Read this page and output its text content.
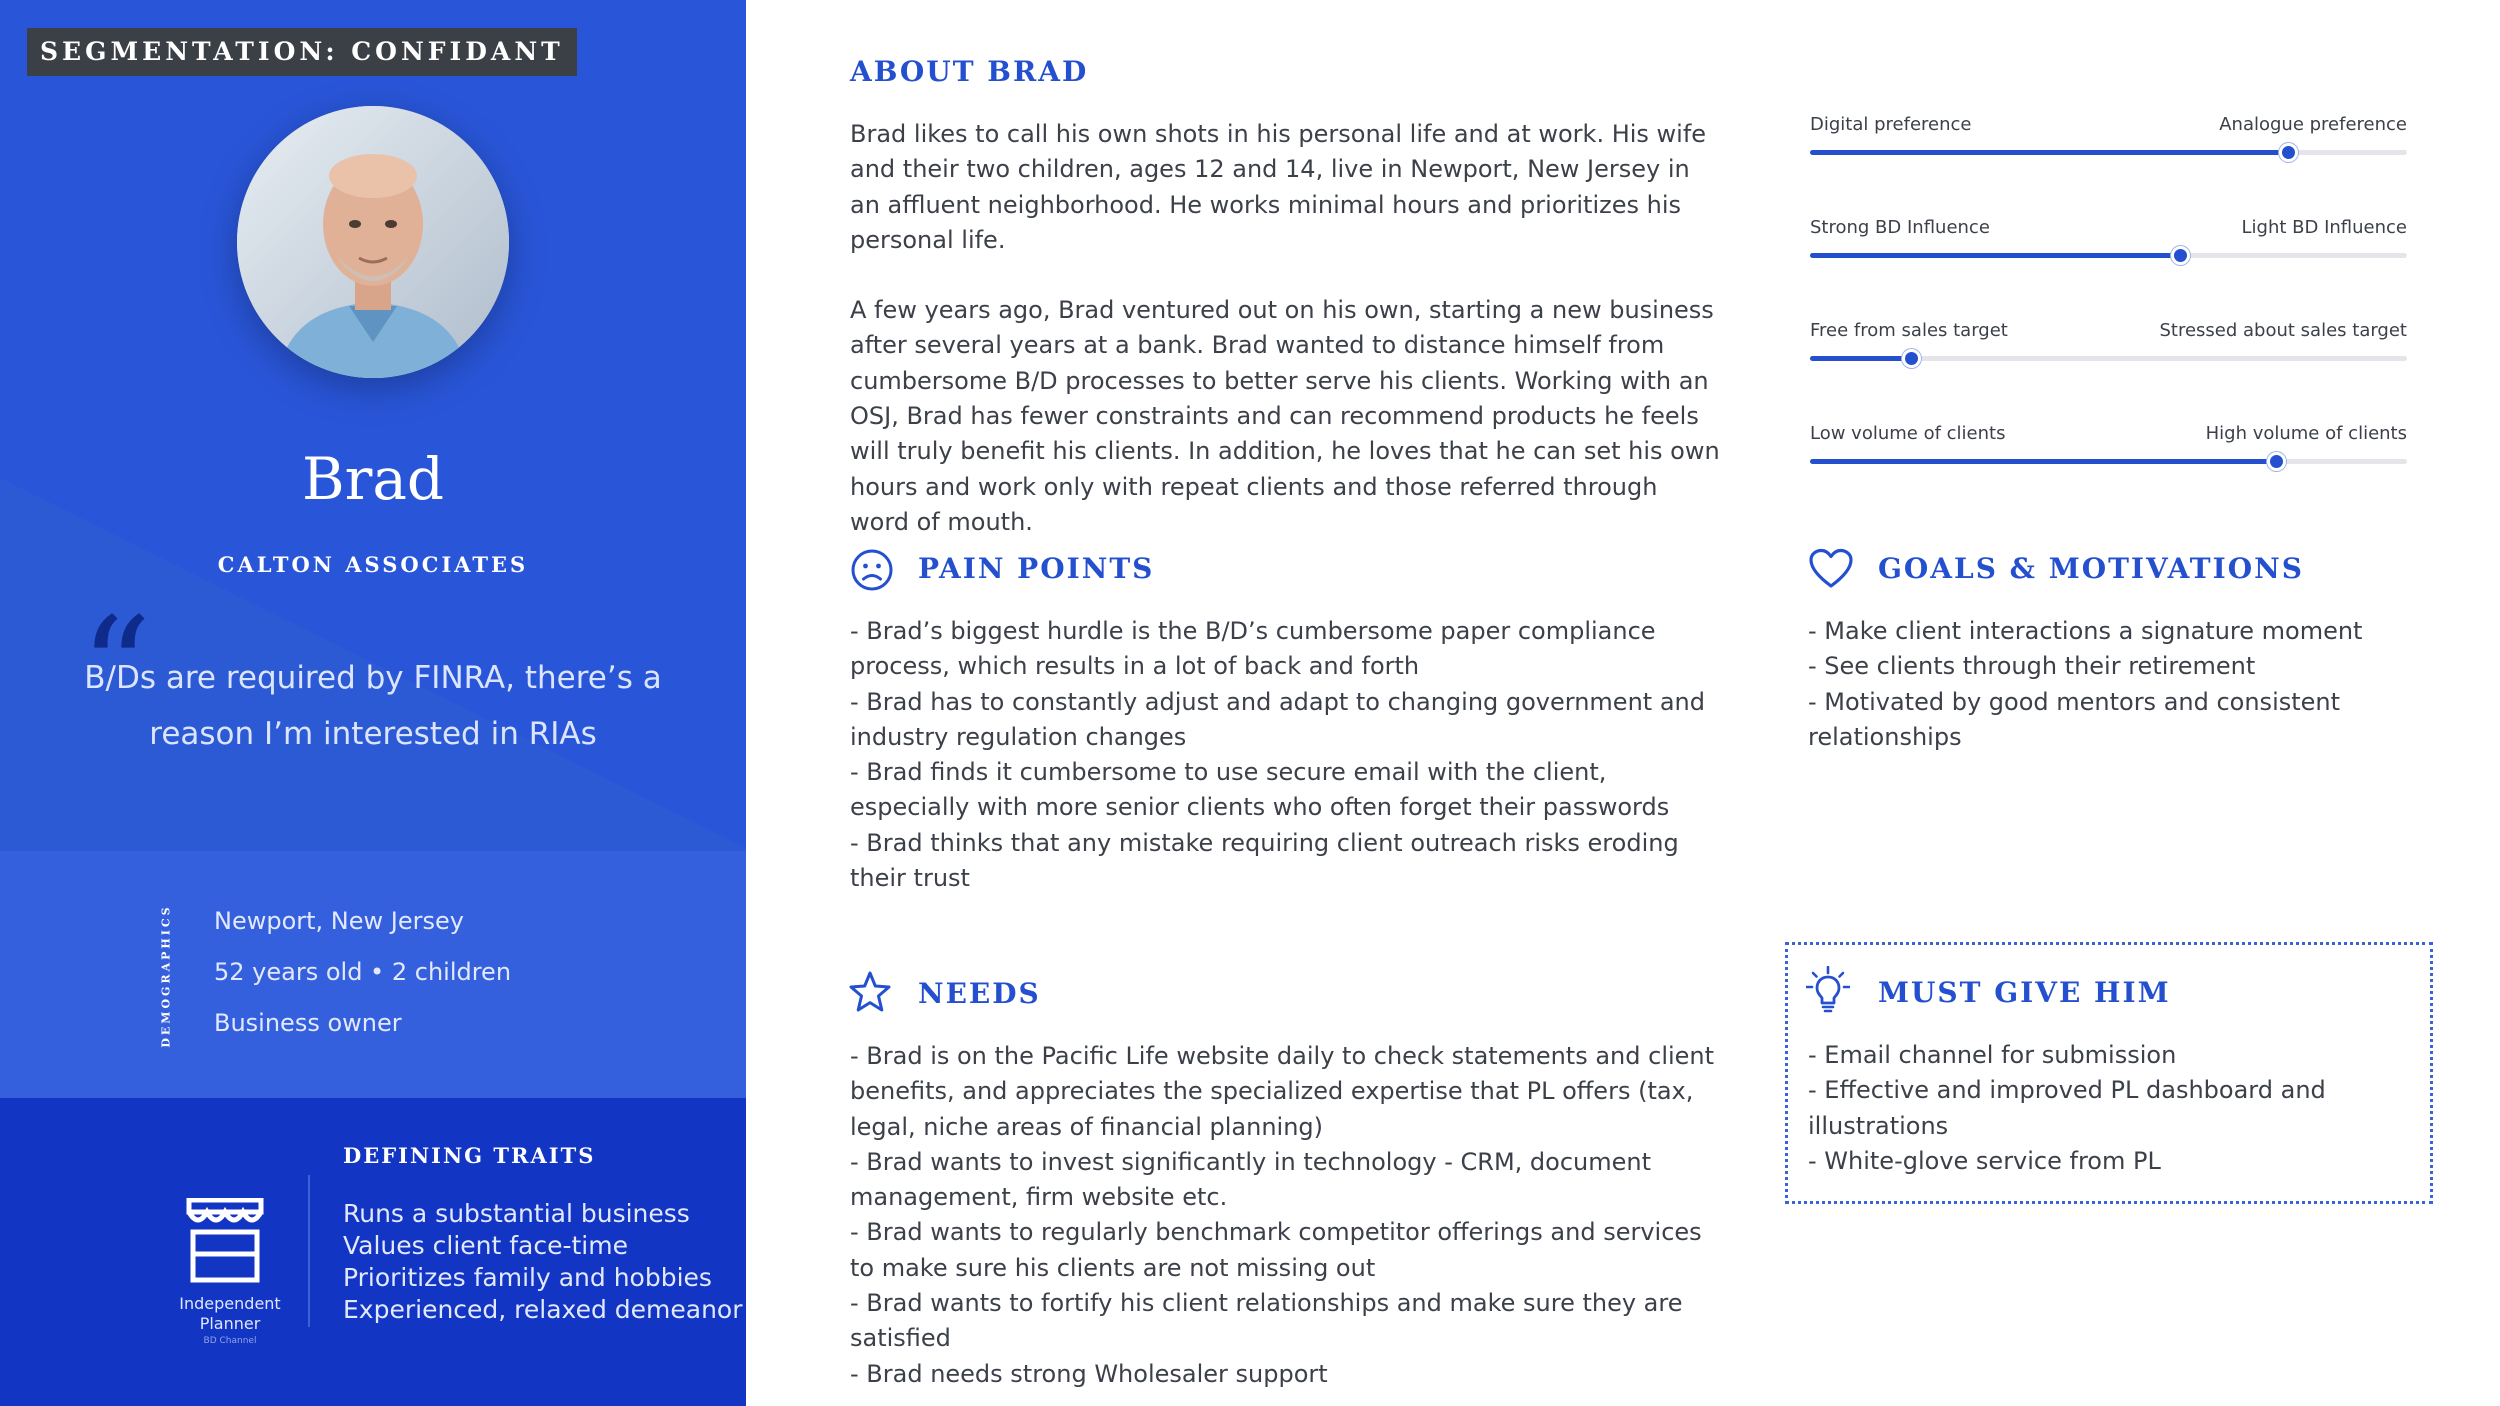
SEGMENTATION: CONFIDANT
Brad
CALTON ASSOCIATES
“
B/Ds are required by FINRA, there’s a reason I’m interested in RIAs
DEMOGRAPHICS Newport, New Jersey
52 years old • 2 children
Business owner
Independent Planner
BD Channel
DEFINING TRAITS
Runs a substantial business
Values client face-time
Prioritizes family and hobbies
Experienced, relaxed demeanor
ABOUT BRAD

Brad likes to call his own shots in his personal life and at work. His wife and their two children, ages 12 and 14, live in Newport, New Jersey in an affluent neighborhood. He works minimal hours and prioritizes his personal life.

A few years ago, Brad ventured out on his own, starting a new business after several years at a bank. Brad wanted to distance himself from cumbersome B/D processes to better serve his clients. Working with an OSJ, Brad has fewer constraints and can recommend products he feels will truly benefit his clients. In addition, he loves that he can set his own hours and work only with repeat clients and those referred through word of mouth.

Digital preference	Analogue preference
Strong BD Influence	Light BD Influence
Free from sales target	Stressed about sales target
Low volume of clients	High volume of clients
PAIN POINTS
- Brad’s biggest hurdle is the B/D’s cumbersome paper compliance process, which results in a lot of back and forth
- Brad has to constantly adjust and adapt to changing government and industry regulation changes
- Brad finds it cumbersome to use secure email with the client, especially with more senior clients who often forget their passwords
- Brad thinks that any mistake requiring client outreach risks eroding their trust
GOALS & MOTIVATIONS
- Make client interactions a signature moment
- See clients through their retirement
- Motivated by good mentors and consistent relationships
NEEDS
- Brad is on the Pacific Life website daily to check statements and client benefits, and appreciates the specialized expertise that PL offers (tax, legal, niche areas of financial planning)
- Brad wants to invest significantly in technology - CRM, document management, firm website etc.
- Brad wants to regularly benchmark competitor offerings and services to make sure his clients are not missing out
- Brad wants to fortify his client relationships and make sure they are satisfied
- Brad needs strong Wholesaler support
MUST GIVE HIM
- Email channel for submission
- Effective and improved PL dashboard and illustrations
- White-glove service from PL
